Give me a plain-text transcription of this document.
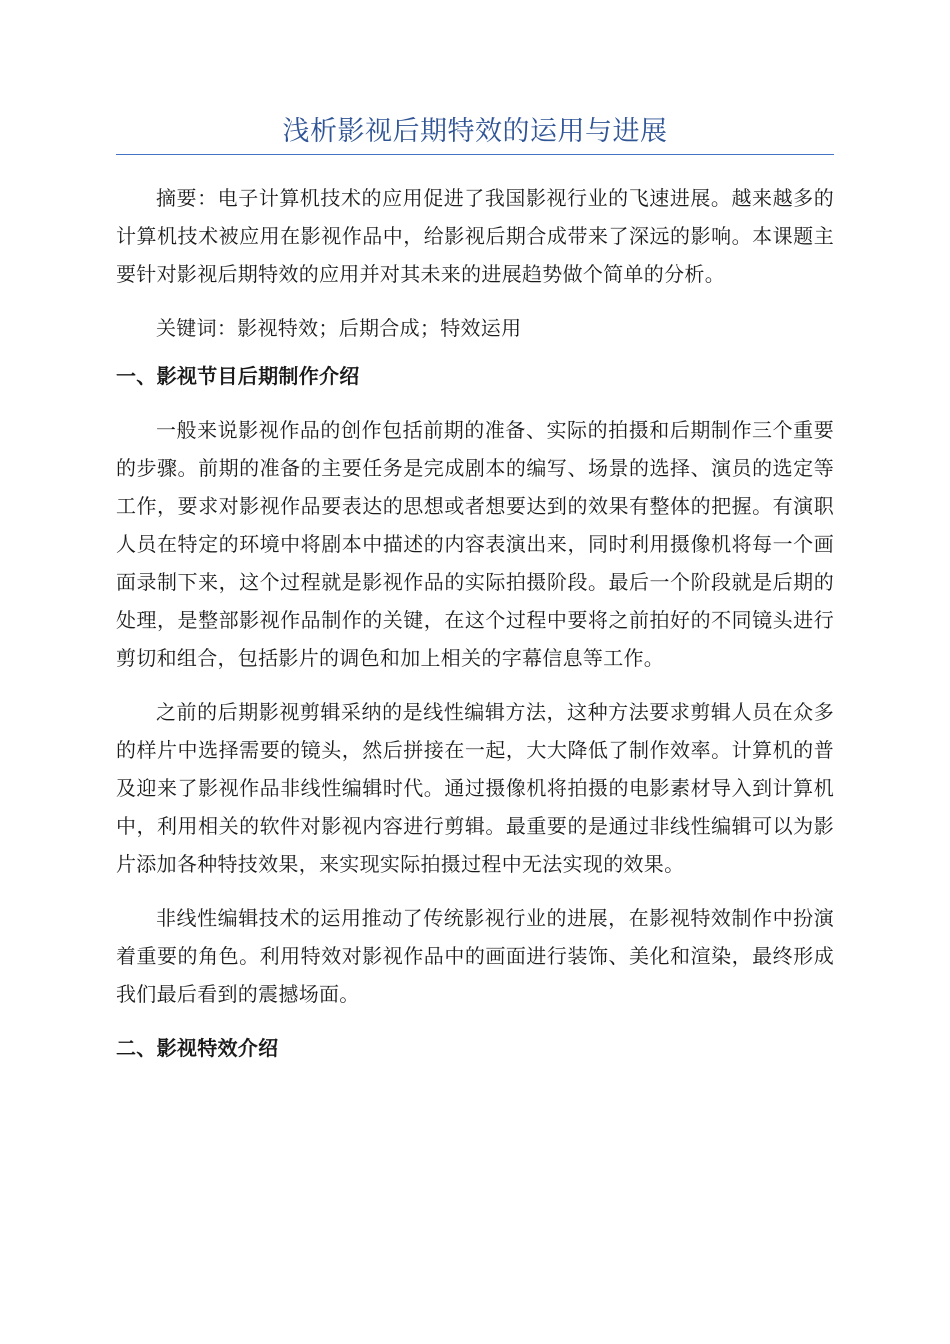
浅析影视后期特效的运用与进展

摘要：电子计算机技术的应用促进了我国影视行业的飞速进展。越来越多的计算机技术被应用在影视作品中，给影视后期合成带来了深远的影响。本课题主要针对影视后期特效的应用并对其未来的进展趋势做个简单的分析。

关键词：影视特效；后期合成；特效运用

一、影视节目后期制作介绍

一般来说影视作品的创作包括前期的准备、实际的拍摄和后期制作三个重要的步骤。前期的准备的主要任务是完成剧本的编写、场景的选择、演员的选定等工作，要求对影视作品要表达的思想或者想要达到的效果有整体的把握。有演职人员在特定的环境中将剧本中描述的内容表演出来，同时利用摄像机将每一个画面录制下来，这个过程就是影视作品的实际拍摄阶段。最后一个阶段就是后期的处理，是整部影视作品制作的关键，在这个过程中要将之前拍好的不同镜头进行剪切和组合，包括影片的调色和加上相关的字幕信息等工作。

之前的后期影视剪辑采纳的是线性编辑方法，这种方法要求剪辑人员在众多的样片中选择需要的镜头，然后拼接在一起，大大降低了制作效率。计算机的普及迎来了影视作品非线性编辑时代。通过摄像机将拍摄的电影素材导入到计算机中，利用相关的软件对影视内容进行剪辑。最重要的是通过非线性编辑可以为影片添加各种特技效果，来实现实际拍摄过程中无法实现的效果。

非线性编辑技术的运用推动了传统影视行业的进展，在影视特效制作中扮演着重要的角色。利用特效对影视作品中的画面进行装饰、美化和渲染，最终形成我们最后看到的震撼场面。

二、影视特效介绍
